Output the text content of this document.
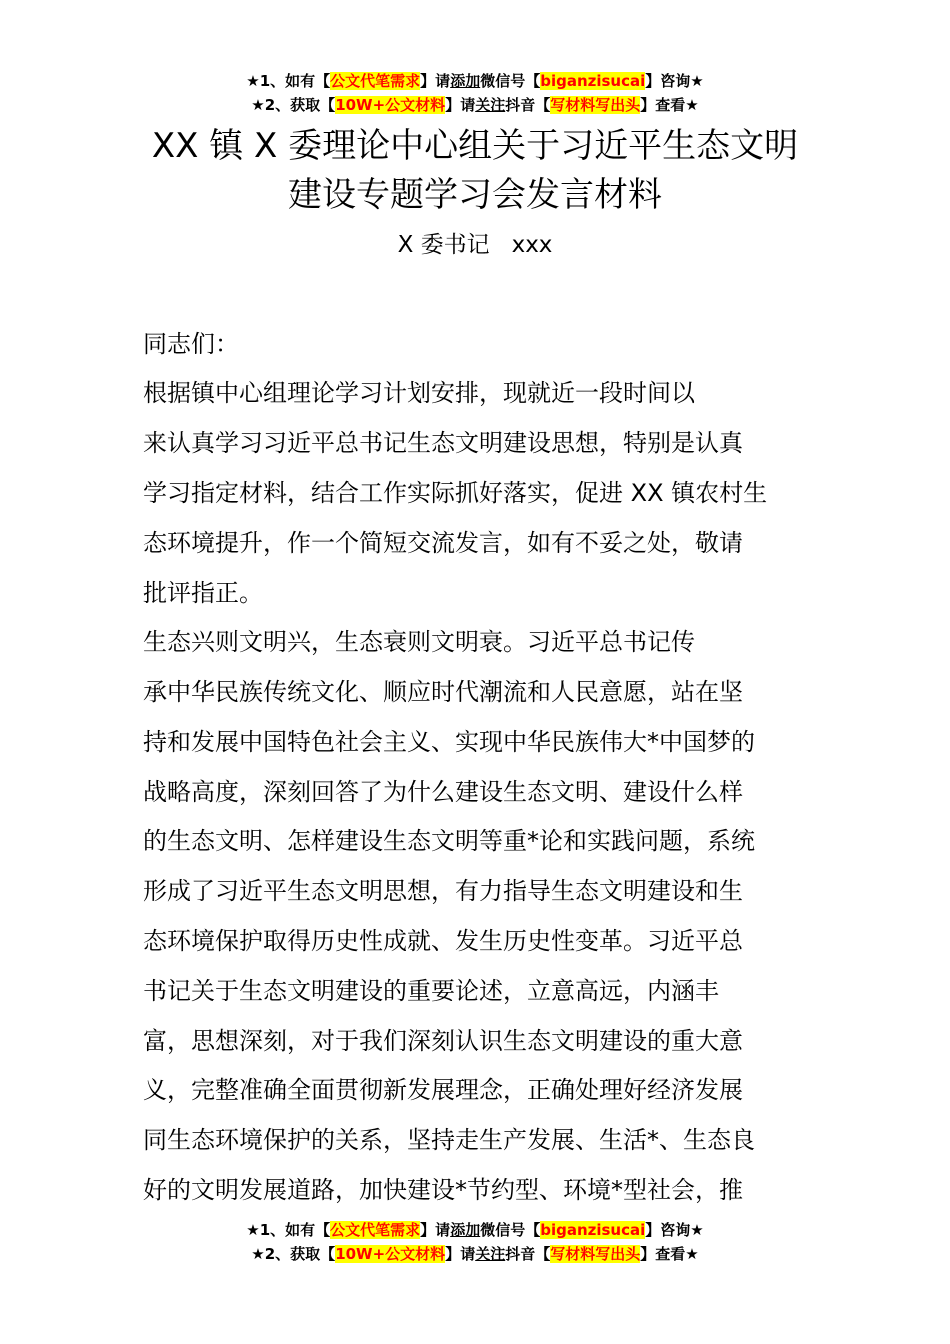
★1、如有【公文代笔需求】请添加微信号【biganzisucai】咨询★
★2、获取【10W+公文材料】请关注抖音【写材料写出头】查看★
XX 镇 X 委理论中心组关于习近平生态文明
建设专题学习会发言材料
X 委书记   xxx
同志们：
根据镇中心组理论学习计划安排，现就近一段时间以
来认真学习习近平总书记生态文明建设思想，特别是认真
学习指定材料，结合工作实际抓好落实，促进 XX 镇农村生
态环境提升，作一个简短交流发言，如有不妥之处，敬请
批评指正。
生态兴则文明兴，生态衰则文明衰。习近平总书记传
承中华民族传统文化、顺应时代潮流和人民意愿，站在坚
持和发展中国特色社会主义、实现中华民族伟大*中国梦的
战略高度，深刻回答了为什么建设生态文明、建设什么样
的生态文明、怎样建设生态文明等重*论和实践问题，系统
形成了习近平生态文明思想，有力指导生态文明建设和生
态环境保护取得历史性成就、发生历史性变革。习近平总
书记关于生态文明建设的重要论述，立意高远，内涵丰
富，思想深刻，对于我们深刻认识生态文明建设的重大意
义，完整准确全面贯彻新发展理念，正确处理好经济发展
同生态环境保护的关系，坚持走生产发展、生活*、生态良
好的文明发展道路，加快建设*节约型、环境*型社会，推
★1、如有【公文代笔需求】请添加微信号【biganzisucai】咨询★
★2、获取【10W+公文材料】请关注抖音【写材料写出头】查看★
